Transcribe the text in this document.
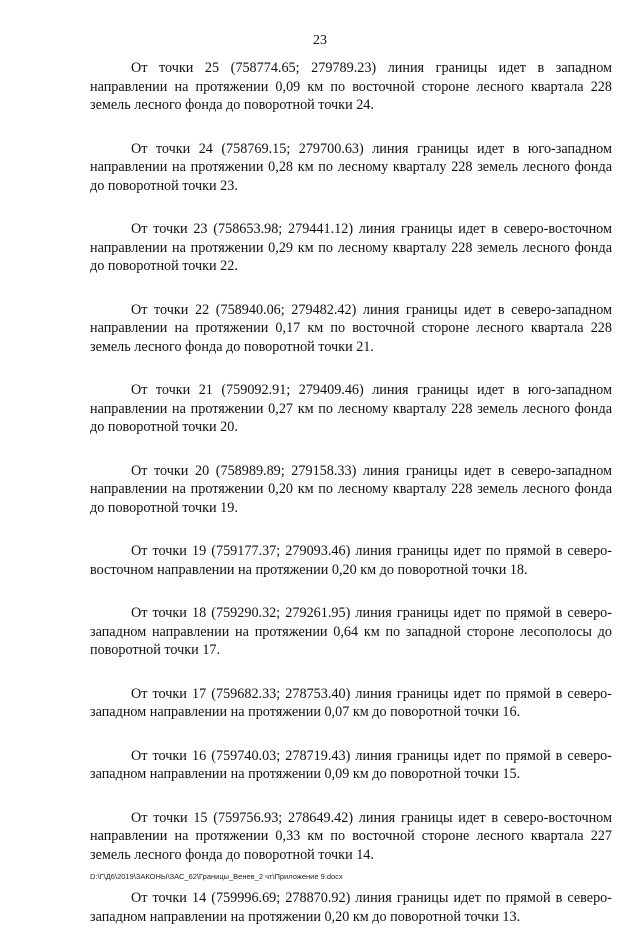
23

От точки 25 (758774.65; 279789.23) линия границы идет в западном направлении на протяжении 0,09 км по восточной стороне лесного квартала 228 земель лесного фонда до поворотной точки 24.

От точки 24 (758769.15; 279700.63) линия границы идет в юго-западном направлении на протяжении 0,28 км по лесному кварталу 228 земель лесного фонда до поворотной точки 23.

От точки 23 (758653.98; 279441.12) линия границы идет в северо-восточном направлении на протяжении 0,29 км по лесному кварталу 228 земель лесного фонда до поворотной точки 22.

От точки 22 (758940.06; 279482.42) линия границы идет в северо-западном направлении на протяжении 0,17 км по восточной стороне лесного квартала 228 земель лесного фонда до поворотной точки 21.

От точки 21 (759092.91; 279409.46) линия границы идет в юго-западном направлении на протяжении 0,27 км по лесному кварталу 228 земель лесного фонда до поворотной точки 20.

От точки 20 (758989.89; 279158.33) линия границы идет в северо-западном направлении на протяжении 0,20 км по лесному кварталу 228 земель лесного фонда до поворотной точки 19.

От точки 19 (759177.37; 279093.46) линия границы идет по прямой в северо-восточном направлении на протяжении 0,20 км до поворотной точки 18.

От точки 18 (759290.32; 279261.95) линия границы идет по прямой в северо-западном направлении на протяжении 0,64 км по западной стороне лесополосы до поворотной точки 17.

От точки 17 (759682.33; 278753.40) линия границы идет по прямой в северо-западном направлении на протяжении 0,07 км до поворотной точки 16.

От точки 16 (759740.03; 278719.43) линия границы идет по прямой в северо-западном направлении на протяжении 0,09 км до поворотной точки 15.

От точки 15 (759756.93; 278649.42) линия границы идет в северо-восточном направлении на протяжении 0,33 км по восточной стороне лесного квартала 227 земель лесного фонда до поворотной точки 14.

От точки 14 (759996.69; 278870.92) линия границы идет по прямой в северо-западном направлении на протяжении 0,20 км до поворотной точки 13.

D:\Г\Д6\2019\ЗАКОНЫ\ЗАС_62\Границы_Венев_2 чт\Приложение 9.docx
